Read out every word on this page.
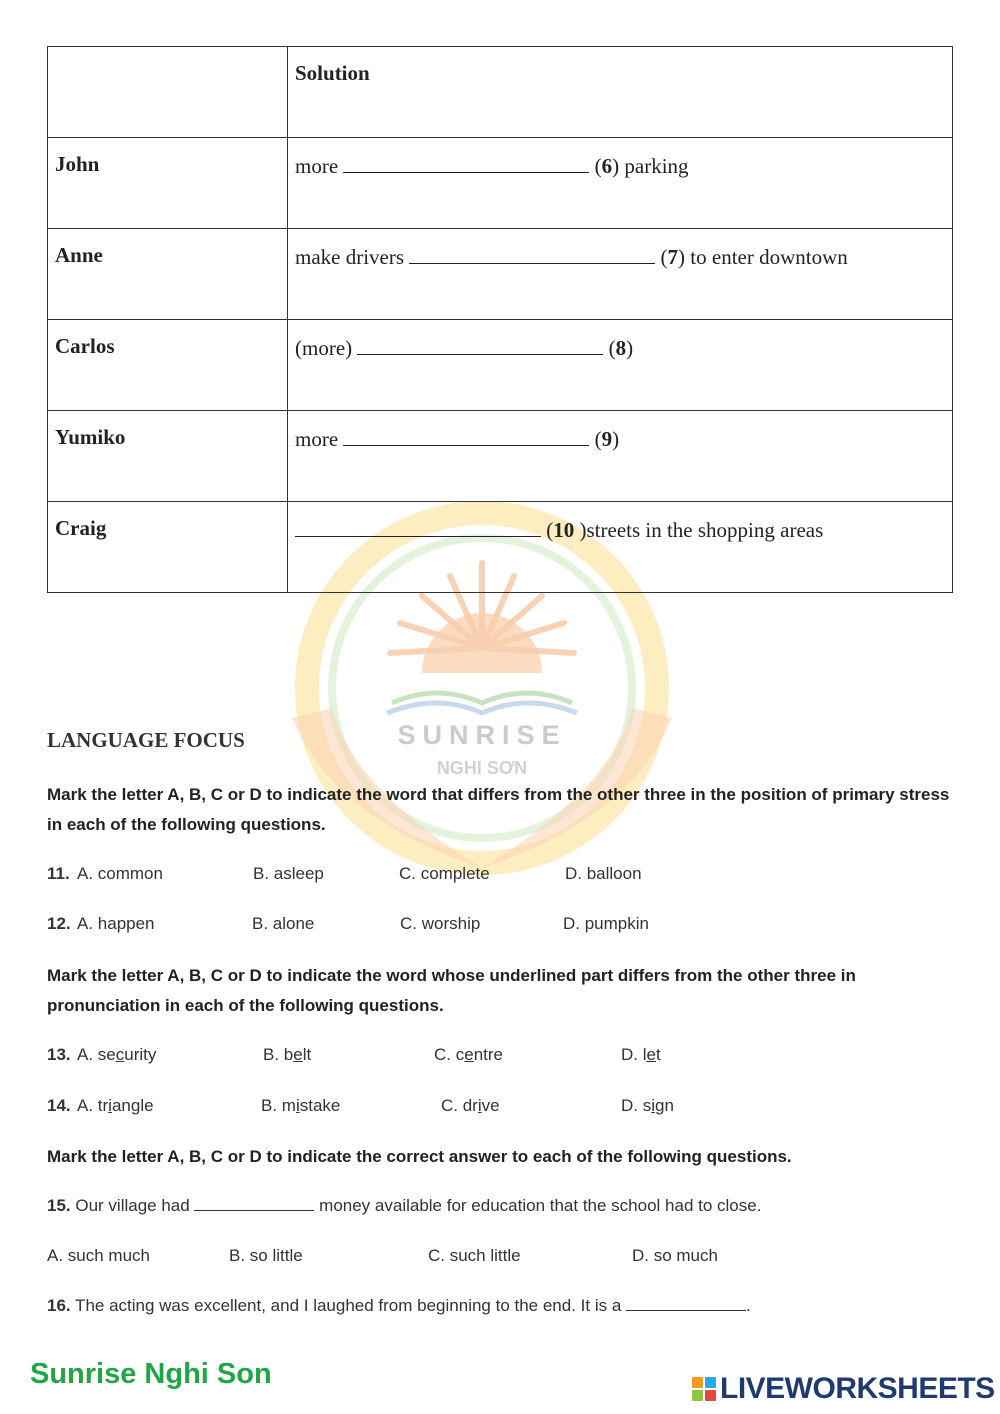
SUNRISE
NGHI SƠN
	Solution
John	more (6) parking
Anne	make drivers (7) to enter downtown
Carlos	(more) (8)
Yumiko	more (9)
Craig	(10 )streets in the shopping areas
LANGUAGE FOCUS
Mark the letter A, B, C or D to indicate the word that differs from the other three in the position of primary stress in each of the following questions.
11. A. common	B. asleep	C. complete	D. balloon
12. A. happen	B. alone	C. worship	D. pumpkin
Mark the letter A, B, C or D to indicate the word whose underlined part differs from the other three in pronunciation in each of the following questions.
13. A. security	B. belt	C. centre	D. let
14. A. triangle	B. mistake	C. drive	D. sign
Mark the letter A, B, C or D to indicate the correct answer to each of the following questions.
15. Our village had	money available for education that the school had to close.
A. such much	B. so little	C. such little	D. so much
16. The acting was excellent, and I laughed from beginning to the end. It is a	.
Sunrise Nghi Son	LIVEWORKSHEETS
